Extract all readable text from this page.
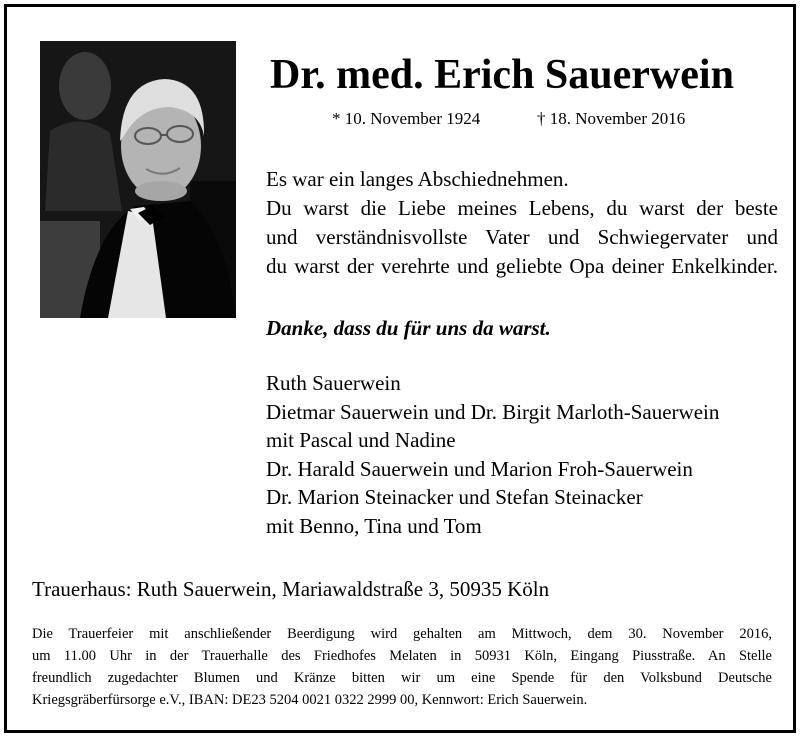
Dr. med. Erich Sauerwein
* 10. November 1924	† 18. November 2016
Es war ein langes Abschiednehmen.
Du warst die Liebe meines Lebens, du warst der beste
und verständnisvollste Vater und Schwiegervater und
du warst der verehrte und geliebte Opa deiner Enkelkinder.
Danke, dass du für uns da warst.
Ruth Sauerwein
Dietmar Sauerwein und Dr. Birgit Marloth-Sauerwein
mit Pascal und Nadine
Dr. Harald Sauerwein und Marion Froh-Sauerwein
Dr. Marion Steinacker und Stefan Steinacker
mit Benno, Tina und Tom
Trauerhaus: Ruth Sauerwein, Mariawaldstraße 3, 50935 Köln
Die Trauerfeier mit anschließender Beerdigung wird gehalten am Mittwoch, dem 30. November 2016,
um 11.00 Uhr in der Trauerhalle des Friedhofes Melaten in 50931 Köln, Eingang Piusstraße. An Stelle
freundlich zugedachter Blumen und Kränze bitten wir um eine Spende für den Volksbund Deutsche
Kriegsgräberfürsorge e.V., IBAN: DE23 5204 0021 0322 2999 00, Kennwort: Erich Sauerwein.
